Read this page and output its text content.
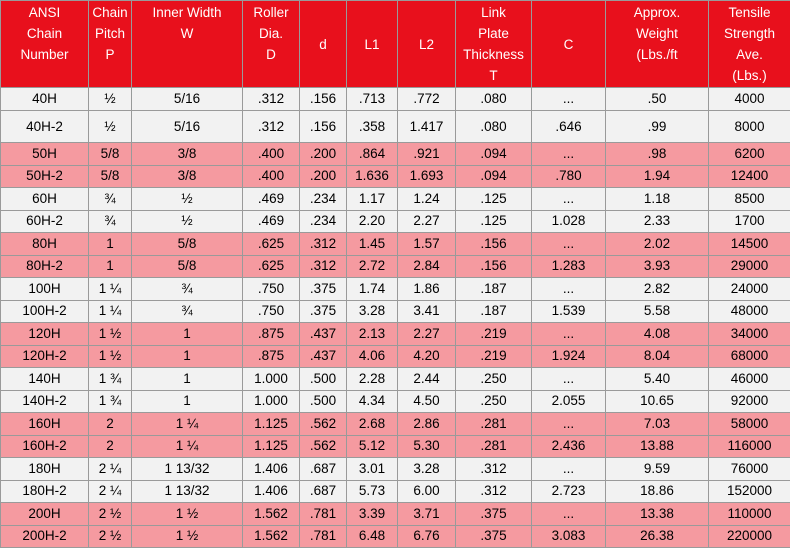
ANSI
Chain
Number	Chain
Pitch
P	Inner Width
W	Roller
Dia.
D	d	L1	L2	Link
Plate
Thickness
T	C	Approx.
Weight
(Lbs./ft	Tensile
Strength
Ave.
(Lbs.)
40H	½	5/16	.312	.156	.713	.772	.080	...	.50	4000
40H-2	½	5/16	.312	.156	.358	1.417	.080	.646	.99	8000
50H	5/8	3/8	.400	.200	.864	.921	.094	...	.98	6200
50H-2	5/8	3/8	.400	.200	1.636	1.693	.094	.780	1.94	12400
60H	¾	½	.469	.234	1.17	1.24	.125	...	1.18	8500
60H-2	¾	½	.469	.234	2.20	2.27	.125	1.028	2.33	1700
80H	1	5/8	.625	.312	1.45	1.57	.156	...	2.02	14500
80H-2	1	5/8	.625	.312	2.72	2.84	.156	1.283	3.93	29000
100H	1 ¼	¾	.750	.375	1.74	1.86	.187	...	2.82	24000
100H-2	1 ¼	¾	.750	.375	3.28	3.41	.187	1.539	5.58	48000
120H	1 ½	1	.875	.437	2.13	2.27	.219	...	4.08	34000
120H-2	1 ½	1	.875	.437	4.06	4.20	.219	1.924	8.04	68000
140H	1 ¾	1	1.000	.500	2.28	2.44	.250	...	5.40	46000
140H-2	1 ¾	1	1.000	.500	4.34	4.50	.250	2.055	10.65	92000
160H	2	1 ¼	1.125	.562	2.68	2.86	.281	...	7.03	58000
160H-2	2	1 ¼	1.125	.562	5.12	5.30	.281	2.436	13.88	116000
180H	2 ¼	1 13/32	1.406	.687	3.01	3.28	.312	...	9.59	76000
180H-2	2 ¼	1 13/32	1.406	.687	5.73	6.00	.312	2.723	18.86	152000
200H	2 ½	1 ½	1.562	.781	3.39	3.71	.375	...	13.38	110000
200H-2	2 ½	1 ½	1.562	.781	6.48	6.76	.375	3.083	26.38	220000
